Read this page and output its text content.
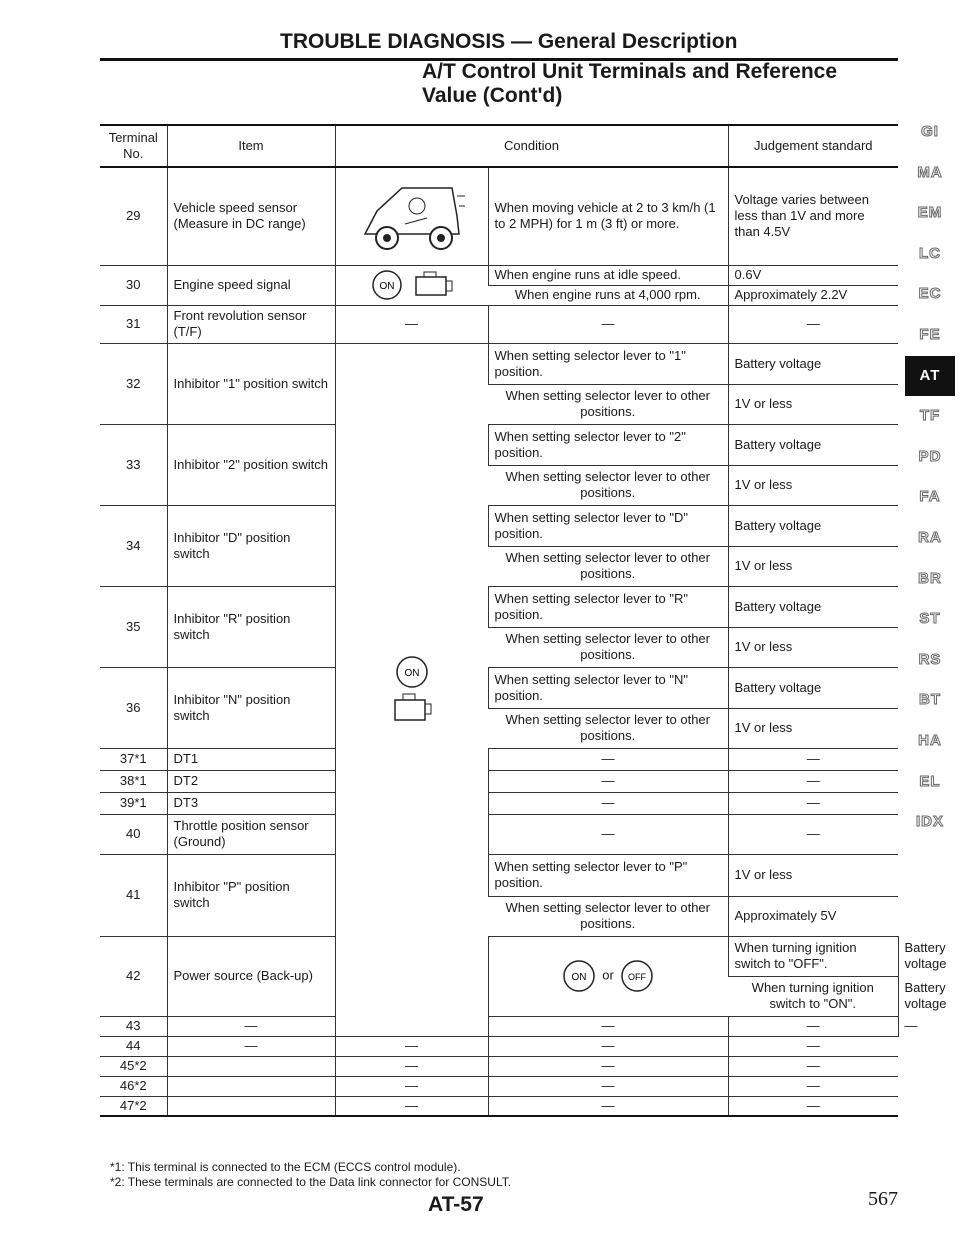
TROUBLE DIAGNOSIS — General Description
A/T Control Unit Terminals and Reference
Value (Cont'd)
Terminal No.	Item	Condition		Judgement standard	
29	Vehicle speed sensor (Measure in DC range)		When moving vehicle at 2 to 3 km/h (1 to 2 MPH) for 1 m (3 ft) or more.	Voltage varies between less than 1V and more than 4.5V	
30	Engine speed signal	ON	When engine runs at idle speed.	0.6V	
			When engine runs at 4,000 rpm.	Approximately 2.2V	
31	Front revolution sensor (T/F)	—	—	—	
32	Inhibitor "1" position switch	ON	When setting selector lever to "1" position.	Battery voltage	
			When setting selector lever to other positions.	1V or less	
33	Inhibitor "2" position switch		When setting selector lever to "2" position.	Battery voltage	
			When setting selector lever to other positions.	1V or less	
34	Inhibitor "D" position switch		When setting selector lever to "D" position.	Battery voltage	
			When setting selector lever to other positions.	1V or less	
35	Inhibitor "R" position switch		When setting selector lever to "R" position.	Battery voltage	
			When setting selector lever to other positions.	1V or less	
36	Inhibitor "N" position switch		When setting selector lever to "N" position.	Battery voltage	
			When setting selector lever to other positions.	1V or less	
37*1	DT1		—	—	
38*1	DT2		—	—	
39*1	DT3		—	—	
40	Throttle position sensor (Ground)		—	—	
41	Inhibitor "P" position switch		When setting selector lever to "P" position.	1V or less	
			When setting selector lever to other positions.	Approximately 5V	
42	Power source (Back-up)		ON or OFF	When turning ignition switch to "OFF".	Battery voltage
				When turning ignition switch to "ON".	Battery voltage
43	—		—	—	—
44	—	—	—	—	
45*2		—	—	—	
46*2		—	—	—	
47*2		—	—	—	
*1: This terminal is connected to the ECM (ECCS control module).
*2: These terminals are connected to the Data link connector for CONSULT.
AT-57	567
GI
MA
EM
LC
EC
FE
AT
TF
PD
FA
RA
BR
ST
RS
BT
HA
EL
IDX
